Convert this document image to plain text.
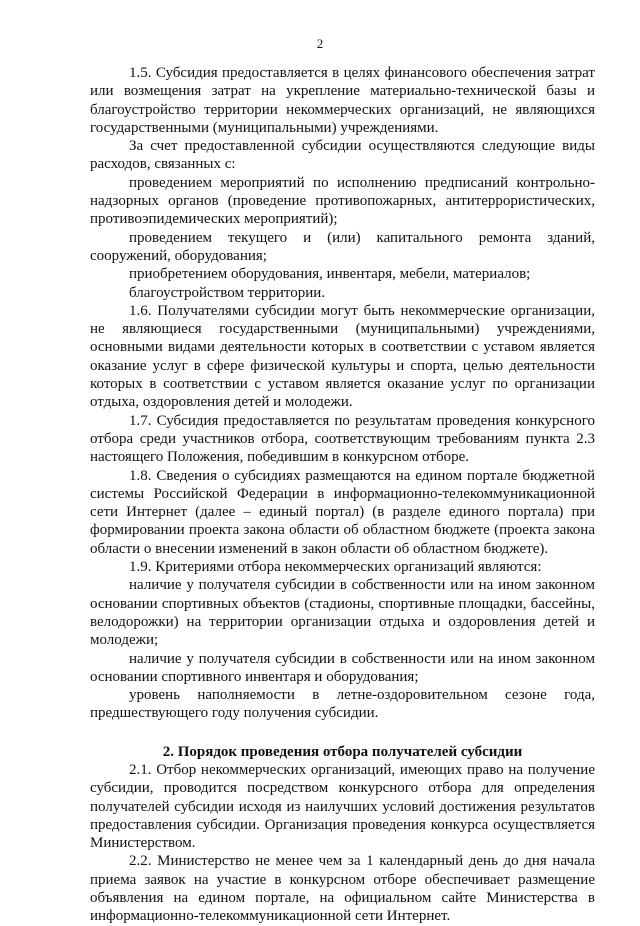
2

1.5. Субсидия предоставляется в целях финансового обеспечения затрат или возмещения затрат на укрепление материально-технической базы и благоустройство территории некоммерческих организаций, не являющихся государственными (муниципальными) учреждениями.

За счет предоставленной субсидии осуществляются следующие виды расходов, связанных с:

проведением мероприятий по исполнению предписаний контрольно-надзорных органов (проведение противопожарных, антитеррористических, противоэпидемических мероприятий);

проведением текущего и (или) капитального ремонта зданий, сооружений, оборудования;

приобретением оборудования, инвентаря, мебели, материалов;

благоустройством территории.

1.6. Получателями субсидии могут быть некоммерческие организации, не являющиеся государственными (муниципальными) учреждениями, основными видами деятельности которых в соответствии с уставом является оказание услуг в сфере физической культуры и спорта, целью деятельности которых в соответствии с уставом является оказание услуг по организации отдыха, оздоровления детей и молодежи.

1.7. Субсидия предоставляется по результатам проведения конкурсного отбора среди участников отбора, соответствующим требованиям пункта 2.3 настоящего Положения, победившим в конкурсном отборе.

1.8. Сведения о субсидиях размещаются на едином портале бюджетной системы Российской Федерации в информационно-телекоммуникационной сети Интернет (далее – единый портал) (в разделе единого портала) при формировании проекта закона области об областном бюджете (проекта закона области о внесении изменений в закон области об областном бюджете).

1.9. Критериями отбора некоммерческих организаций являются:

наличие у получателя субсидии в собственности или на ином законном основании спортивных объектов (стадионы, спортивные площадки, бассейны, велодорожки) на территории организации отдыха и оздоровления детей и молодежи;

наличие у получателя субсидии в собственности или на ином законном основании спортивного инвентаря и оборудования;

уровень наполняемости в летне-оздоровительном сезоне года, предшествующего году получения субсидии.

2. Порядок проведения отбора получателей субсидии

2.1. Отбор некоммерческих организаций, имеющих право на получение субсидии, проводится посредством конкурсного отбора для определения получателей субсидии исходя из наилучших условий достижения результатов предоставления субсидии. Организация проведения конкурса осуществляется Министерством.

2.2. Министерство не менее чем за 1 календарный день до дня начала приема заявок на участие в конкурсном отборе обеспечивает размещение объявления на едином портале, на официальном сайте Министерства в информационно-телекоммуникационной сети Интернет.
